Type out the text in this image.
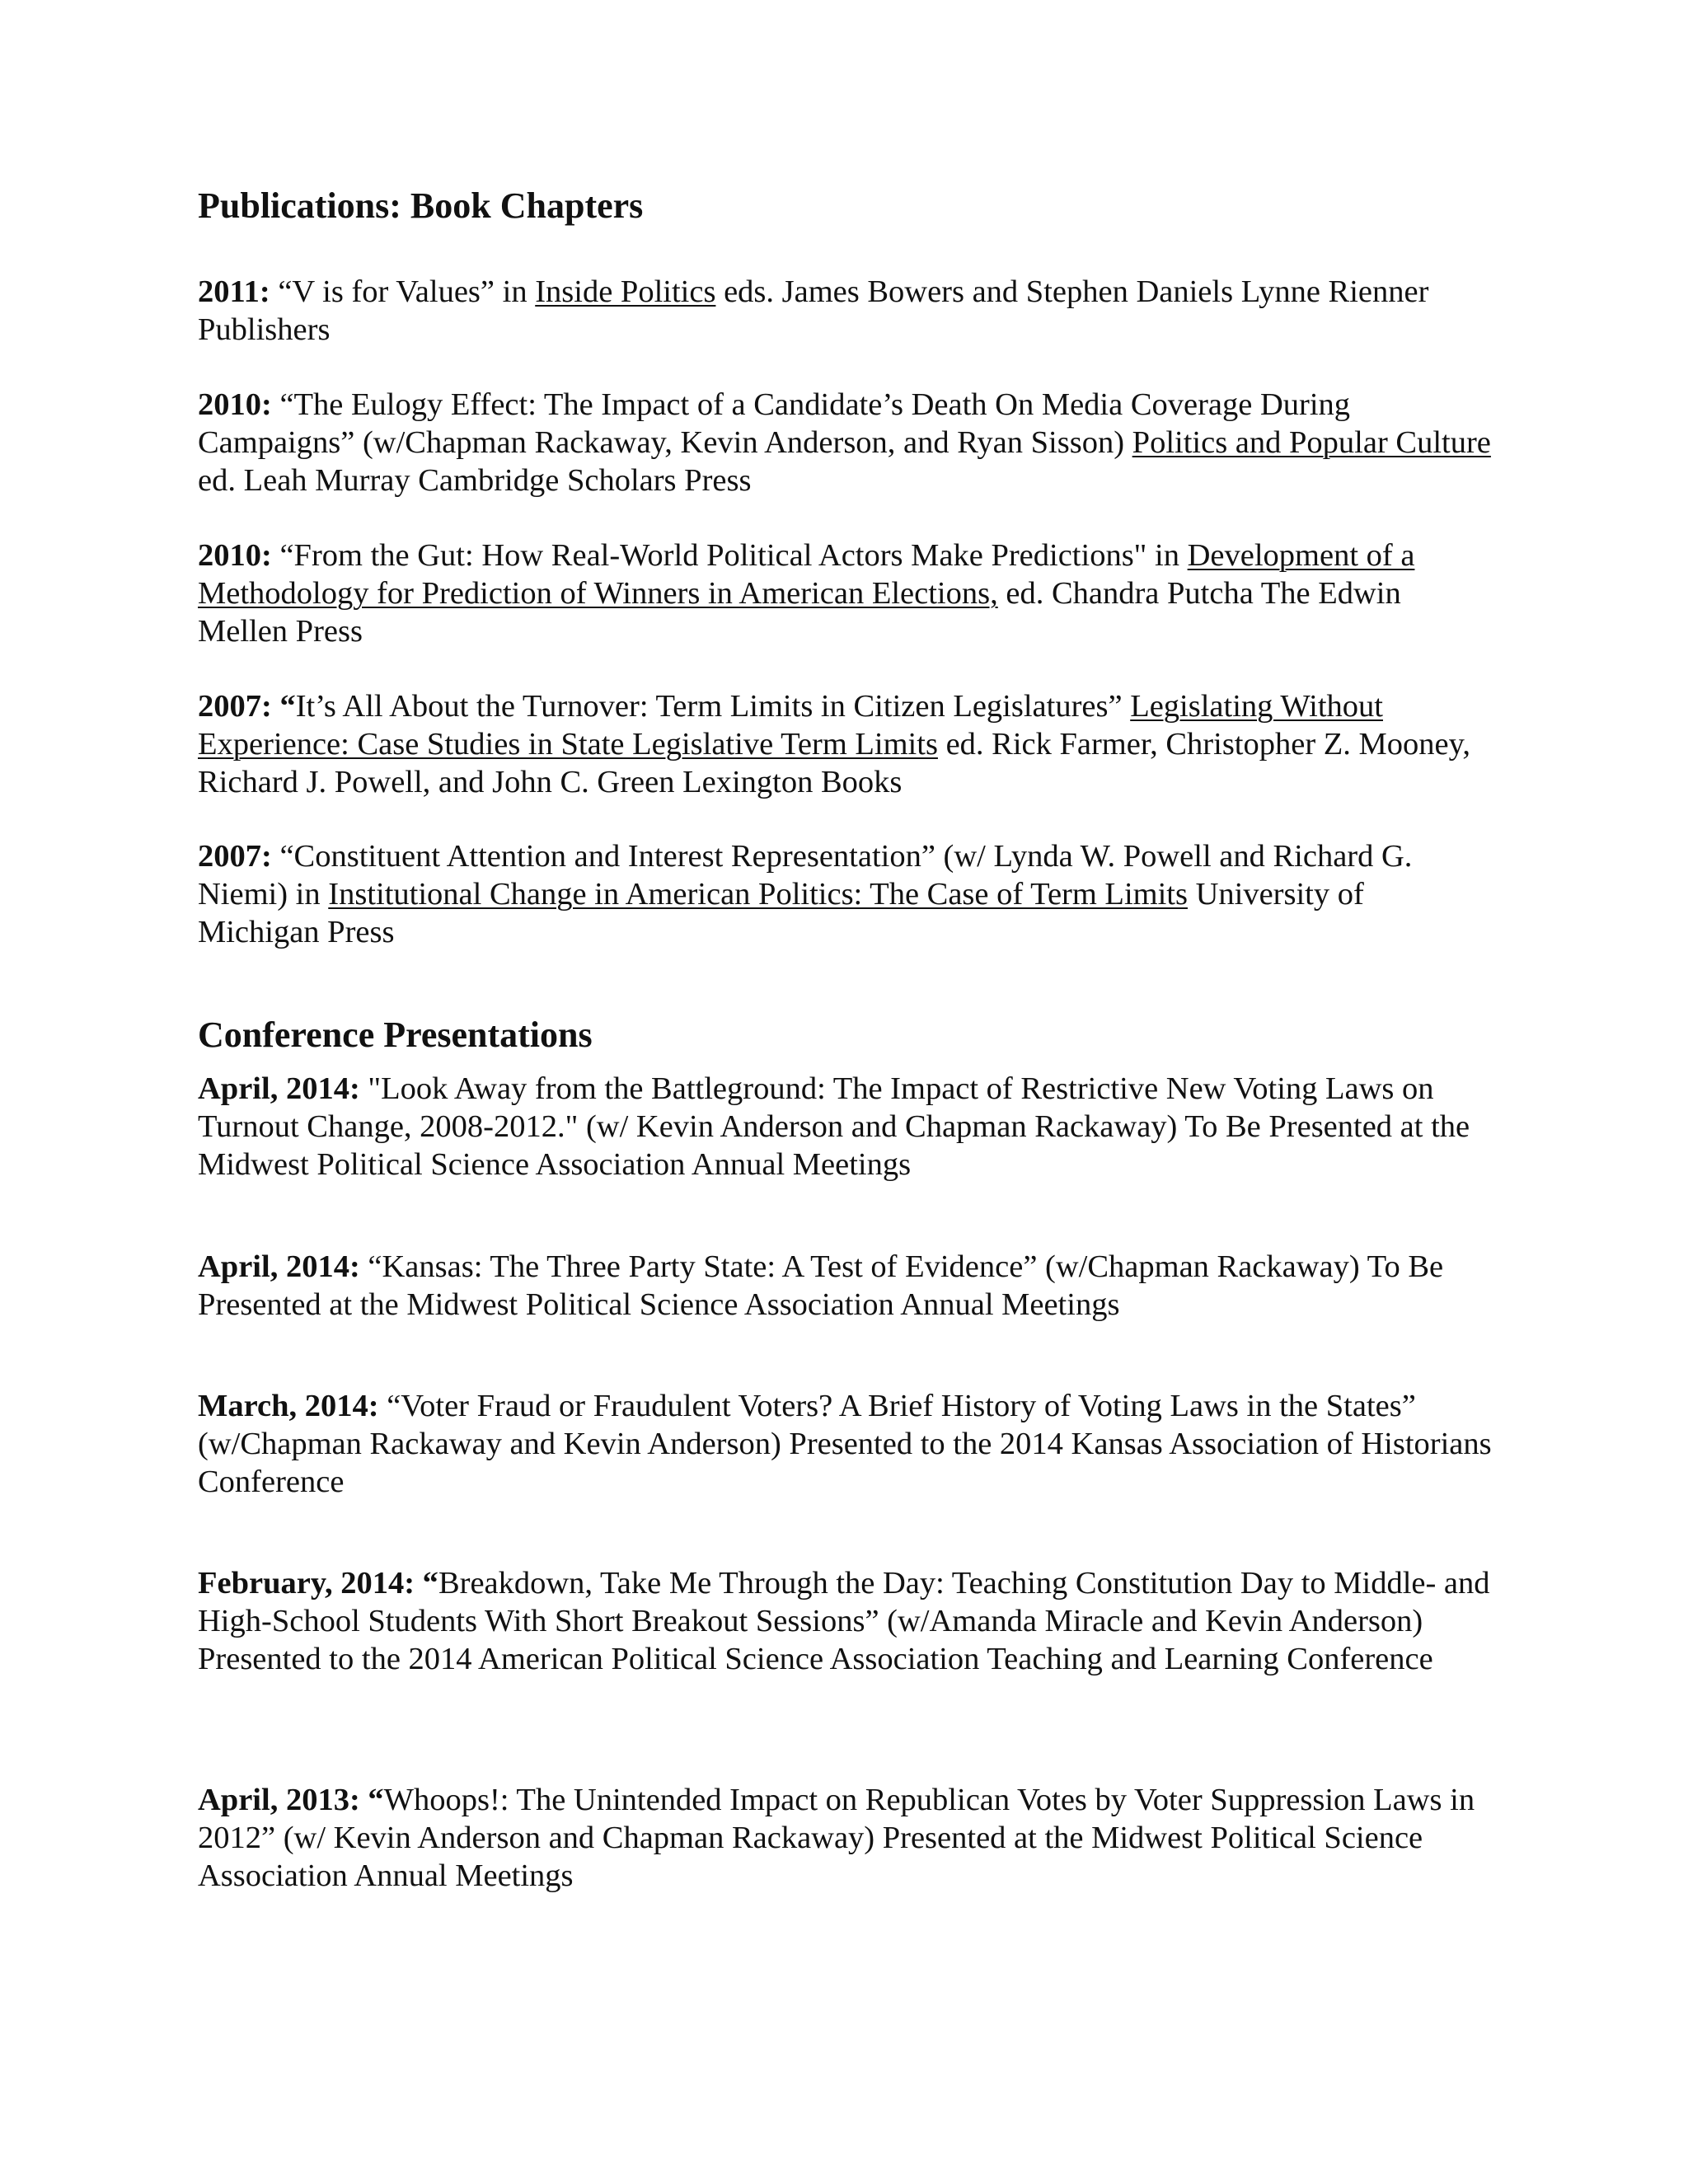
Publications: Book Chapters

2011: “V is for Values” in Inside Politics eds. James Bowers and Stephen Daniels Lynne Rienner Publishers

2010: “The Eulogy Effect: The Impact of a Candidate’s Death On Media Coverage During Campaigns” (w/Chapman Rackaway, Kevin Anderson, and Ryan Sisson) Politics and Popular Culture ed. Leah Murray Cambridge Scholars Press

2010: “From the Gut: How Real-World Political Actors Make Predictions" in Development of a Methodology for Prediction of Winners in American Elections, ed. Chandra Putcha The Edwin Mellen Press

2007: “It’s All About the Turnover: Term Limits in Citizen Legislatures” Legislating Without Experience: Case Studies in State Legislative Term Limits ed. Rick Farmer, Christopher Z. Mooney, Richard J. Powell, and John C. Green Lexington Books

2007: “Constituent Attention and Interest Representation” (w/ Lynda W. Powell and Richard G. Niemi) in Institutional Change in American Politics: The Case of Term Limits University of Michigan Press

Conference Presentations

April, 2014: "Look Away from the Battleground: The Impact of Restrictive New Voting Laws on Turnout Change, 2008-2012." (w/ Kevin Anderson and Chapman Rackaway) To Be Presented at the Midwest Political Science Association Annual Meetings

April, 2014: “Kansas: The Three Party State: A Test of Evidence” (w/Chapman Rackaway) To Be Presented at the Midwest Political Science Association Annual Meetings

March, 2014: “Voter Fraud or Fraudulent Voters? A Brief History of Voting Laws in the States” (w/Chapman Rackaway and Kevin Anderson) Presented to the 2014 Kansas Association of Historians Conference

February, 2014: “Breakdown, Take Me Through the Day: Teaching Constitution Day to Middle- and High-School Students With Short Breakout Sessions” (w/Amanda Miracle and Kevin Anderson) Presented to the 2014 American Political Science Association Teaching and Learning Conference

April, 2013: “Whoops!: The Unintended Impact on Republican Votes by Voter Suppression Laws in 2012” (w/ Kevin Anderson and Chapman Rackaway) Presented at the Midwest Political Science Association Annual Meetings
